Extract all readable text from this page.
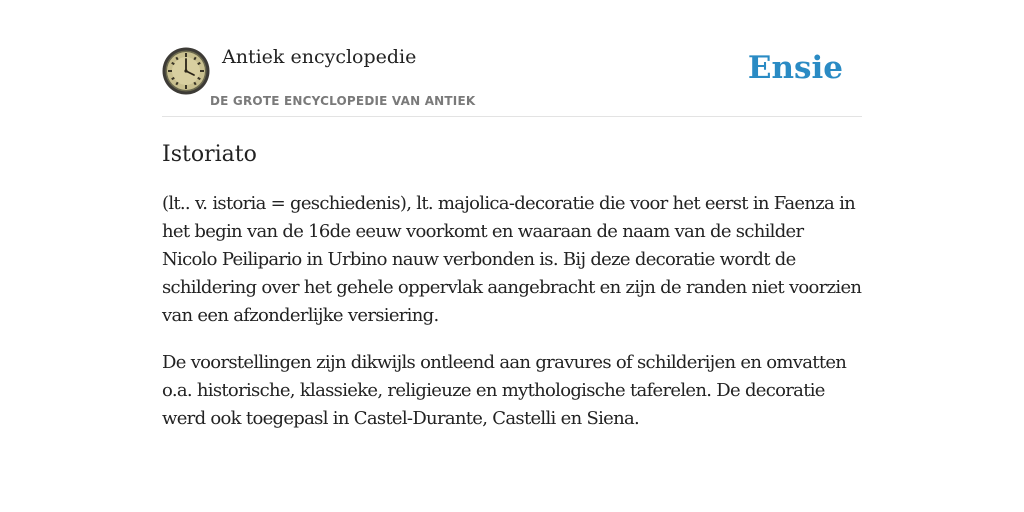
Antiek encyclopedie
DE GROTE ENCYCLOPEDIE VAN ANTIEK
Ensie
Istoriato

(lt.. v. istoria = geschiedenis), lt. majolica-decoratie die voor het eerst in Faenza in het begin van de 16de eeuw voorkomt en waaraan de naam van de schilder Nicolo Peilipario in Urbino nauw verbonden is. Bij deze decoratie wordt de schildering over het gehele oppervlak aangebracht en zijn de randen niet voorzien van een afzonderlijke versiering.

De voorstellingen zijn dikwijls ontleend aan gravures of schilderijen en omvatten o.a. historische, klassieke, religieuze en mythologische taferelen. De decoratie werd ook toegepasl in Castel-Durante, Castelli en Siena.
